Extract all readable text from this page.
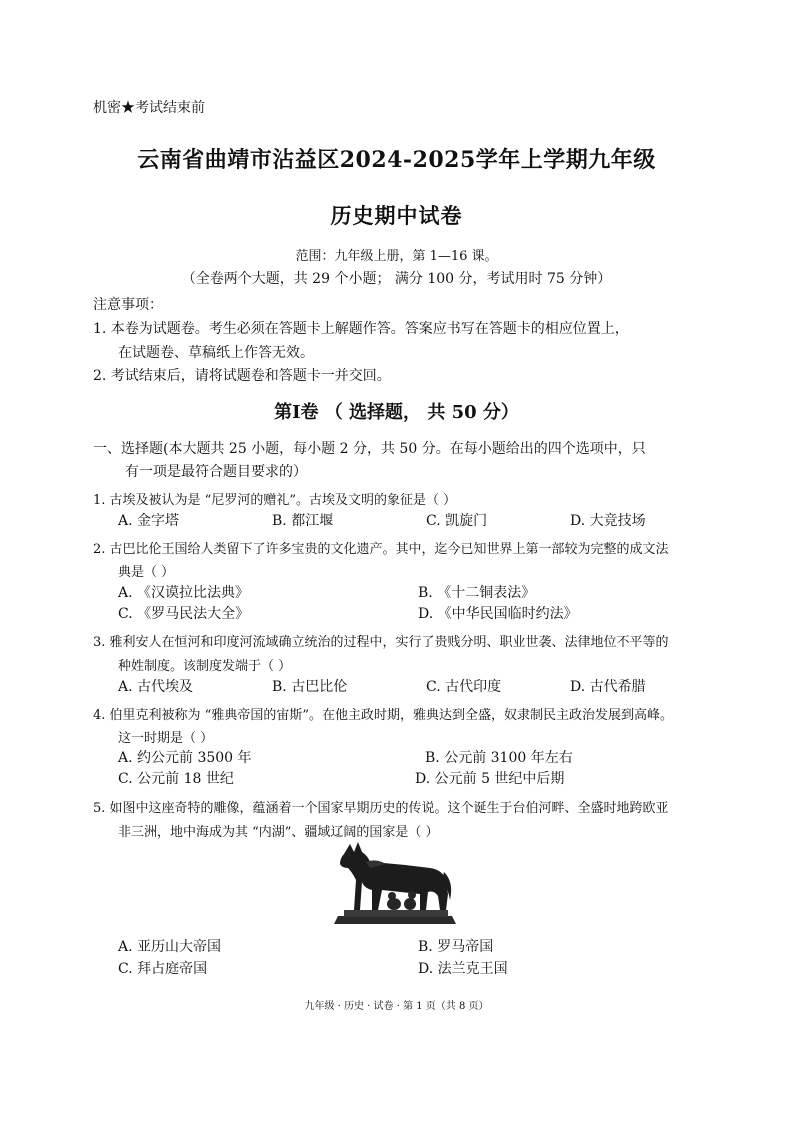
机密★考试结束前
云南省曲靖市沾益区2024-2025学年上学期九年级
历史期中试卷
范围：九年级上册，第 1—16 课。
（全卷两个大题，共 29 个小题； 满分 100 分，考试用时 75 分钟）
注意事项：
1. 本卷为试题卷。考生必须在答题卡上解题作答。答案应书写在答题卡的相应位置上，
在试题卷、草稿纸上作答无效。
2. 考试结束后，请将试题卷和答题卡一并交回。
第Ⅰ卷 （ 选择题， 共 50 分）
一、选择题(本大题共 25 小题，每小题 2 分，共 50 分。在每小题给出的四个选项中，只
有一项是最符合题目要求的）
1. 古埃及被认为是 “尼罗河的赠礼”。古埃及文明的象征是（ ）
A. 金字塔	B. 都江堰	C. 凯旋门	D. 大竞技场
2. 古巴比伦王国给人类留下了许多宝贵的文化遗产。其中，迄今已知世界上第一部较为完整的成文法
典是（ ）
A. 《汉谟拉比法典》	B. 《十二铜表法》
C. 《罗马民法大全》	D. 《中华民国临时约法》
3. 雅利安人在恒河和印度河流域确立统治的过程中，实行了贵贱分明、职业世袭、法律地位不平等的
种姓制度。该制度发端于（ ）
A. 古代埃及	B. 古巴比伦	C. 古代印度	D. 古代希腊
4. 伯里克利被称为 “雅典帝国的宙斯”。在他主政时期，雅典达到全盛，奴隶制民主政治发展到高峰。
这一时期是（ ）
A. 约公元前 3500 年	B. 公元前 3100 年左右
C. 公元前 18 世纪	D. 公元前 5 世纪中后期
5. 如图中这座奇特的雕像，蕴涵着一个国家早期历史的传说。这个诞生于台伯河畔、全盛时地跨欧亚
非三洲，地中海成为其 “内湖”、疆域辽阔的国家是（ ）
A. 亚历山大帝国	B. 罗马帝国
C. 拜占庭帝国	D. 法兰克王国
九年级 · 历史 · 试卷 · 第 1 页（共 8 页）
